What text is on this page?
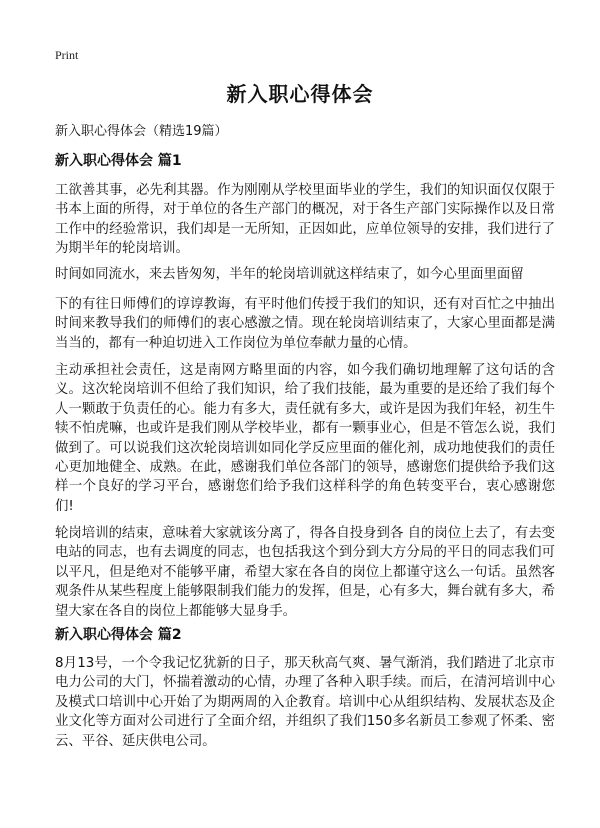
Print
新入职心得体会

新入职心得体会（精选19篇）

新入职心得体会 篇1

工欲善其事，必先利其器。作为刚刚从学校里面毕业的学生，我们的知识面仅仅限于书本上面的所得，对于单位的各生产部门的概况，对于各生产部门实际操作以及日常工作中的经验常识，我们却是一无所知，正因如此，应单位领导的安排，我们进行了为期半年的轮岗培训。

时间如同流水，来去皆匆匆，半年的轮岗培训就这样结束了，如今心里面里面留

下的有往日师傅们的谆谆教诲，有平时他们传授于我们的知识，还有对百忙之中抽出时间来教导我们的师傅们的衷心感激之情。现在轮岗培训结束了，大家心里面都是满当当的，都有一种迫切进入工作岗位为单位奉献力量的心情。

主动承担社会责任，这是南网方略里面的内容，如今我们确切地理解了这句话的含义。这次轮岗培训不但给了我们知识，给了我们技能，最为重要的是还给了我们每个人一颗敢于负责任的心。能力有多大，责任就有多大，或许是因为我们年轻，初生牛犊不怕虎嘛，也或许是我们刚从学校毕业，都有一颗事业心，但是不管怎么说，我们做到了。可以说我们这次轮岗培训如同化学反应里面的催化剂，成功地使我们的责任心更加地健全、成熟。在此，感谢我们单位各部门的领导，感谢您们提供给予我们这样一个良好的学习平台，感谢您们给予我们这样科学的角色转变平台，衷心感谢您们!

轮岗培训的结束，意味着大家就该分离了，得各自投身到各 自的岗位上去了，有去变电站的同志，也有去调度的同志，也包括我这个到分到大方分局的平日的同志我们可以平凡，但是绝对不能够平庸，希望大家在各自的岗位上都谨守这么一句话。虽然客观条件从某些程度上能够限制我们能力的发挥，但是，心有多大，舞台就有多大，希望大家在各自的岗位上都能够大显身手。

新入职心得体会 篇2

8月13号，一个令我记忆犹新的日子，那天秋高气爽、暑气渐消，我们踏进了北京市电力公司的大门，怀揣着激动的心情，办理了各种入职手续。而后，在清河培训中心及模式口培训中心开始了为期两周的入企教育。培训中心从组织结构、发展状态及企业文化等方面对公司进行了全面介绍，并组织了我们150多名新员工参观了怀柔、密云、平谷、延庆供电公司。
